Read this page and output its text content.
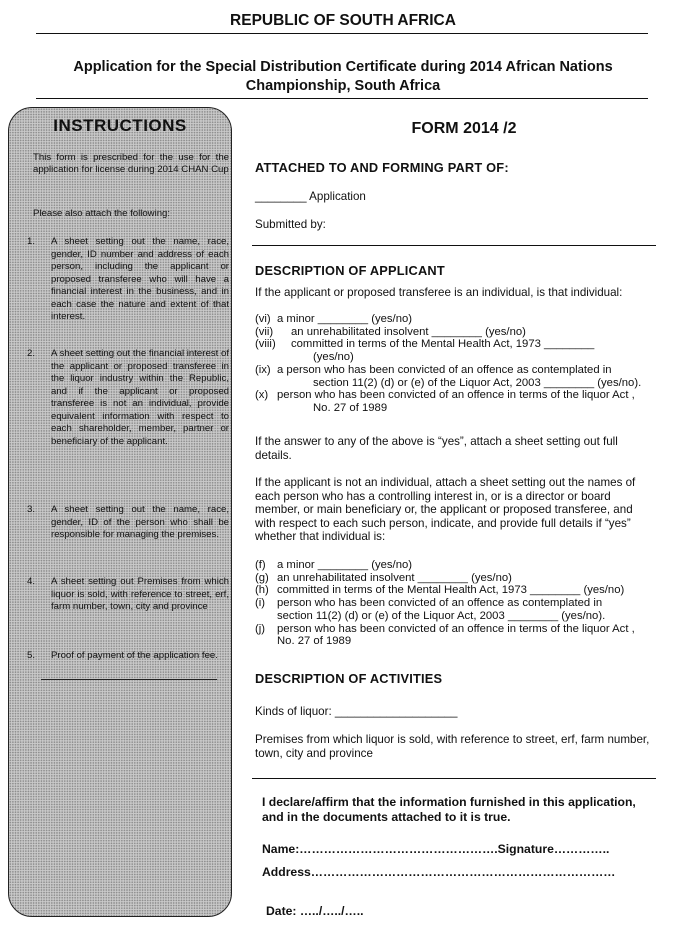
REPUBLIC OF SOUTH AFRICA
Application for the Special Distribution Certificate during 2014 African Nations
Championship, South Africa
INSTRUCTIONS
This form is prescribed for the use for the application for license during 2014 CHAN Cup
Please also attach the following:
1. A sheet setting out the name, race, gender, ID number and address of each person, including the applicant or proposed transferee who will have a financial interest in the business, and in each case the nature and extent of that interest.
2. A sheet setting out the financial interest of the applicant or proposed transferee in the liquor industry within the Republic, and if the applicant or proposed transferee is not an individual, provide equivalent information with respect to each shareholder, member, partner or beneficiary of the applicant.
3. A sheet setting out the name, race, gender, ID of the person who shall be responsible for managing the premises.
4. A sheet setting out Premises from which liquor is sold, with reference to street, erf, farm number, town, city and province
5. Proof of payment of the application fee.
FORM 2014 /2
ATTACHED TO AND FORMING PART OF:
________ Application
Submitted by:
DESCRIPTION OF APPLICANT
If the applicant or proposed transferee is an individual, is that individual:
(vi) a minor ________ (yes/no)
(vii) an unrehabilitated insolvent ________ (yes/no)
(viii) committed in terms of the Mental Health Act, 1973 ________
(yes/no)
(ix) a person who has been convicted of an offence as contemplated in
section 11(2) (d) or (e) of the Liquor Act, 2003 ________ (yes/no).
(x) person who has been convicted of an offence in terms of the liquor Act ,
No. 27 of 1989
If the answer to any of the above is “yes”, attach a sheet setting out full details.
If the applicant is not an individual, attach a sheet setting out the names of each person who has a controlling interest in, or is a director or board member, or main beneficiary or, the applicant or proposed transferee, and with respect to each such person, indicate, and provide full details if “yes” whether that individual is:
(f) a minor ________ (yes/no)
(g) an unrehabilitated insolvent ________ (yes/no)
(h) committed in terms of the Mental Health Act, 1973 ________ (yes/no)
(i) person who has been convicted of an offence as contemplated in
section 11(2) (d) or (e) of the Liquor Act, 2003 ________ (yes/no).
(j) person who has been convicted of an offence in terms of the liquor Act ,
No. 27 of 1989
DESCRIPTION OF ACTIVITIES
Kinds of liquor: ___________________
Premises from which liquor is sold, with reference to street, erf, farm number, town, city and province
I declare/affirm that the information furnished in this application, and in the documents attached to it is true.
Name:………………………………………….Signature…………..
Address…………………………………………………………………
Date: …../…../…..
